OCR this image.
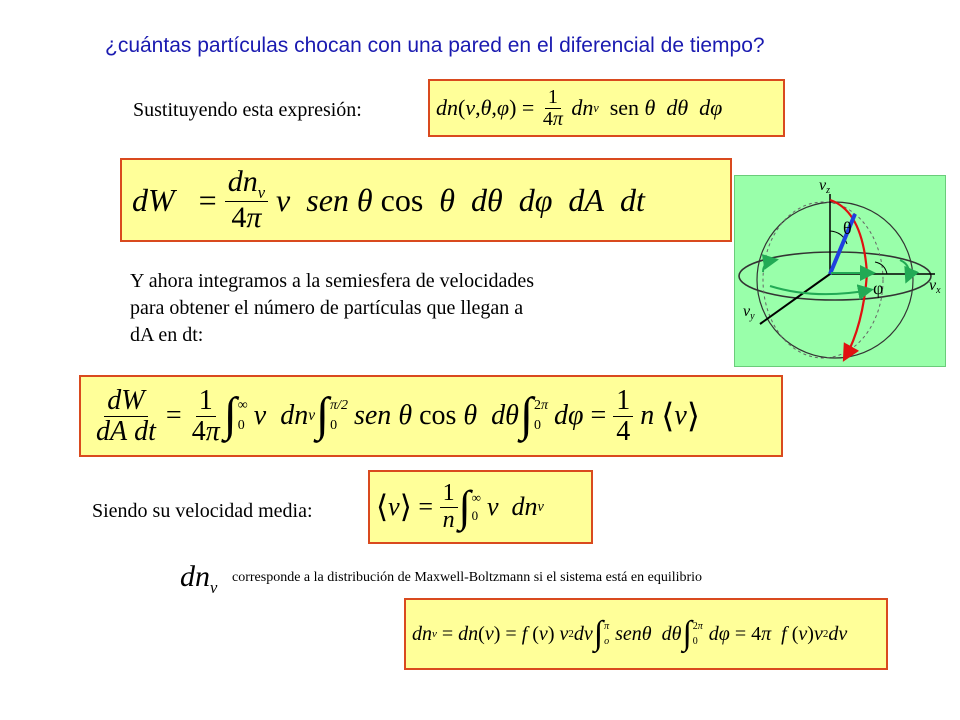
¿cuántas partículas chocan con una pared en el diferencial de tiempo?
Sustituyendo esta expresión:	dn ( v , θ , φ ) = $\frac{1}{4\pi}$
dn v sen θ
d θ
d φ
dW = $\frac{dn_v}{4\pi}$
v
sen
θ cos θ
dθ
dφ
dA
dt	vz
θ
vx
φ
vy
Y ahora integramos a la semiesfera de velocidades
para obtener el número de partículas que llegan a
dA en dt:
$\frac{dW}{\text{dA dt}} = \frac{1}{4\pi}$ ∫ ∞
0 v
dn v ∫ π/2
0 sen
θ cos θ
dθ ∫ 2π
0 $d\varphi = \frac{1}{4}$
n
⟨ v ⟩
Siendo su velocidad media: ⟨ v ⟩ = $\frac{1}{n}$ ∫ ∞
0 v
dn v
$dn_v$
corresponde a la distribución de Maxwell-Boltzmann si el sistema está en equilibrio
dn v = dn ( v ) = f ( v ) v 2 dv ∫ π
o sen θ
dθ ∫ 2π
0 dφ = 4 π
f ( v ) v 2 dv
